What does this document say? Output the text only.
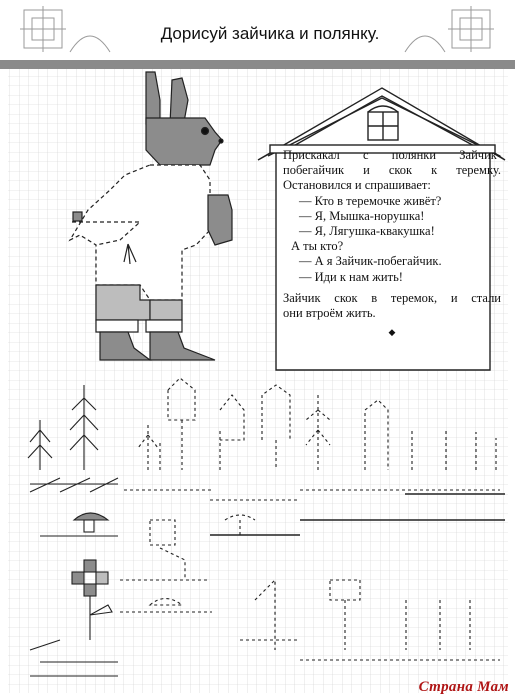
Дорисуй зайчика и полянку.
Прискакал с полянки Зайчик-
побегайчик и скок к теремку.
Остановился и спрашивает:
— Кто в теремочке живёт?
— Я, Мышка-норушка!
— Я, Лягушка-квакушка!
А ты кто?
— А я Зайчик-побегайчик.
— Иди к нам жить!
Зайчик скок в теремок, и стали
они втроём жить.
◆
Страна Мам
